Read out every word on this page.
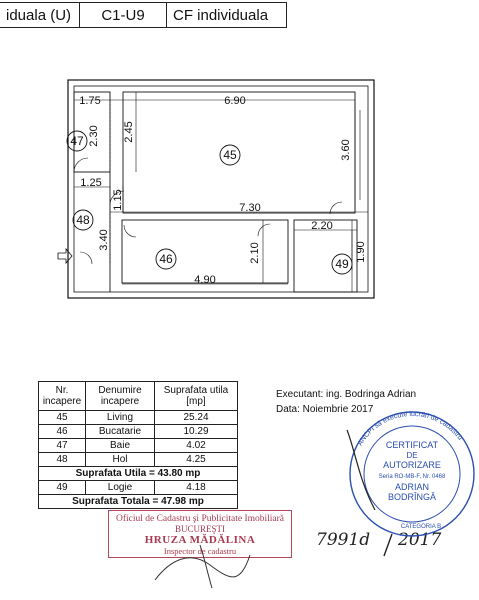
iduala (U)	C1-U9	CF individuala
47
45
48
46	49
1.75	6.90
2.30 2.45
3.60
1.25
1.15	7.30
2.20
3.40
2.10	1.90
4.90
Nr. incapere	Denumire incapere	Suprafata utila [mp]
45	Living	25.24
46	Bucatarie	10.29
47	Baie	4.02
48	Hol	4.25
Suprafata Utila = 43.80 mp		
49	Logie	4.18
Suprafata Totala = 47.98 mp		
Executant: ing. Bodringa Adrian
Data: Noiembrie 2017
Oficiul de Cadastru şi Publicitate Imobiliară
BUCUREŞTI
HRUZA MĂDĂLINA
Inspector de cadastru
7991d 2017
ANCPI să execute lucrări de cadastru
CERTIFICAT
DE
AUTORIZARE
Seria RO-MB-F, Nr. 0468
ADRIAN
BODRÎNGĂ
CATEGORIA B
